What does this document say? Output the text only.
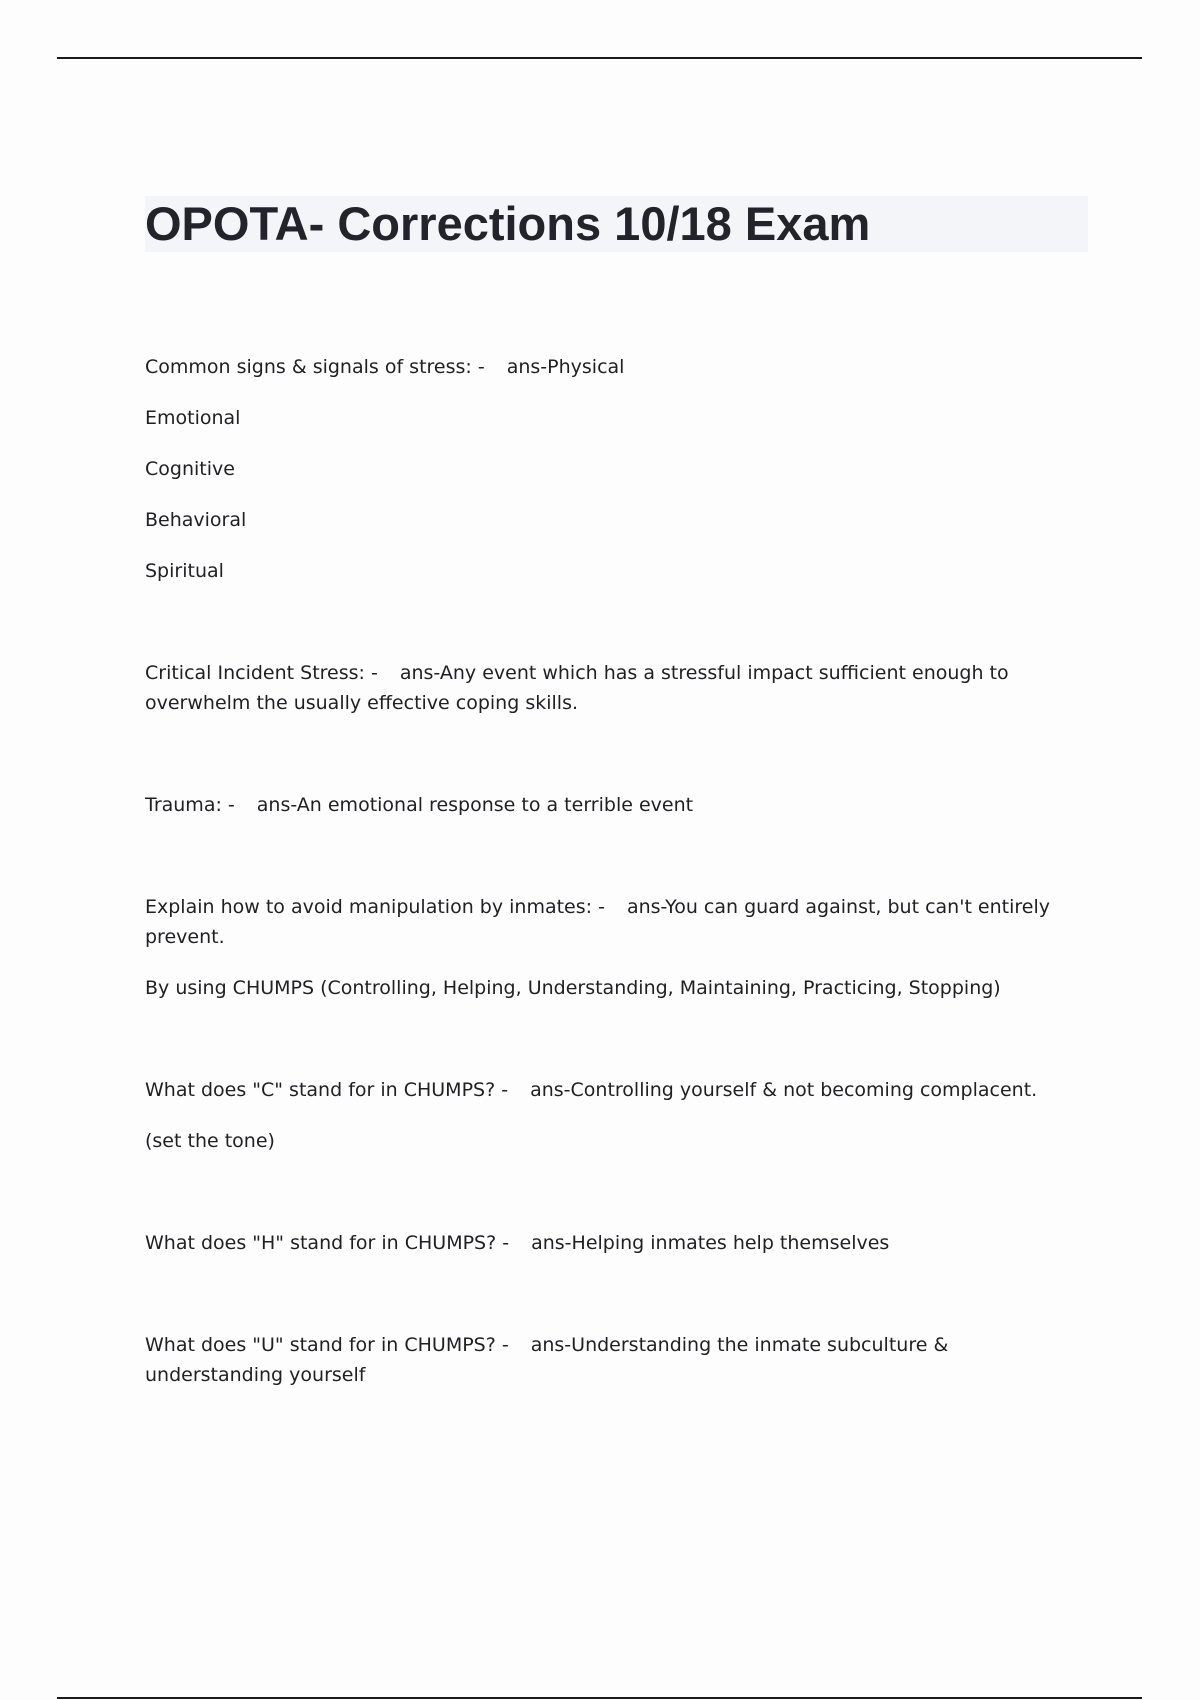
OPOTA- Corrections 10/18 Exam

Common signs & signals of stress: - ans-Physical

Emotional

Cognitive

Behavioral

Spiritual

Critical Incident Stress: - ans-Any event which has a stressful impact sufficient enough to overwhelm the usually effective coping skills.

Trauma: - ans-An emotional response to a terrible event

Explain how to avoid manipulation by inmates: - ans-You can guard against, but can't entirely prevent.

By using CHUMPS (Controlling, Helping, Understanding, Maintaining, Practicing, Stopping)

What does "C" stand for in CHUMPS? - ans-Controlling yourself & not becoming complacent.

(set the tone)

What does "H" stand for in CHUMPS? - ans-Helping inmates help themselves

What does "U" stand for in CHUMPS? - ans-Understanding the inmate subculture & understanding yourself
